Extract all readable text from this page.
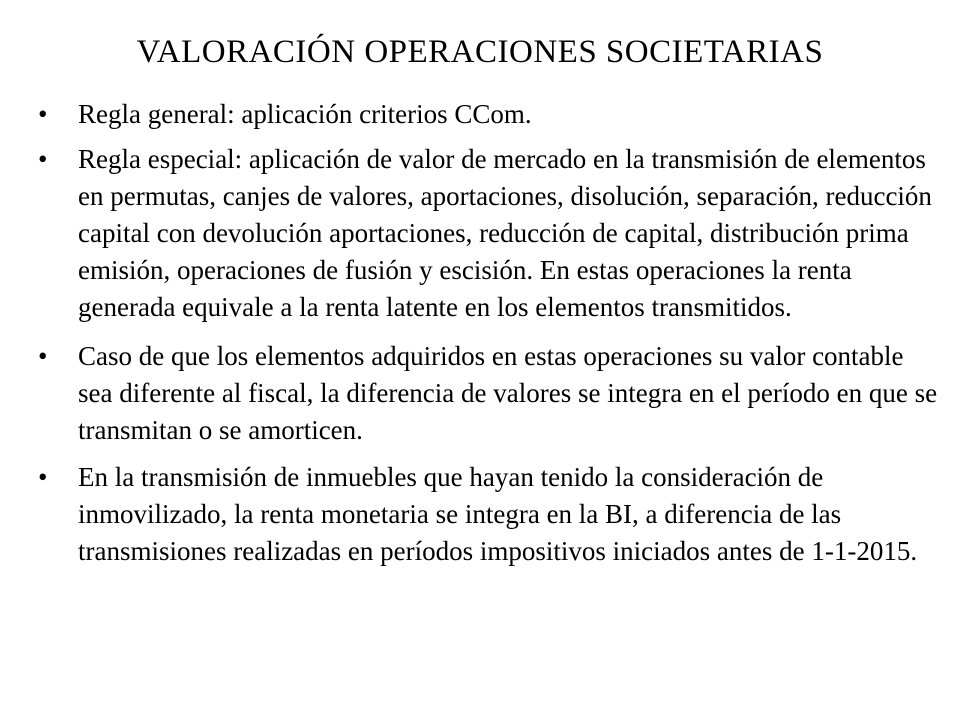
VALORACIÓN OPERACIONES SOCIETARIAS
•	Regla general: aplicación criterios CCom.
•	Regla especial: aplicación de valor de mercado en la transmisión de elementos en permutas, canjes de valores, aportaciones, disolución, separación, reducción capital con devolución aportaciones, reducción de capital, distribución prima emisión, operaciones de fusión y escisión. En estas operaciones la renta generada equivale a la renta latente en los elementos transmitidos.
•	Caso de que los elementos adquiridos en estas operaciones su valor contable sea diferente al fiscal, la diferencia de valores se integra en el período en que se transmitan o se amorticen.
•	En la transmisión de inmuebles que hayan tenido la consideración de inmovilizado, la renta monetaria se integra en la BI, a diferencia de las transmisiones realizadas en períodos impositivos iniciados antes de 1-1-2015.
